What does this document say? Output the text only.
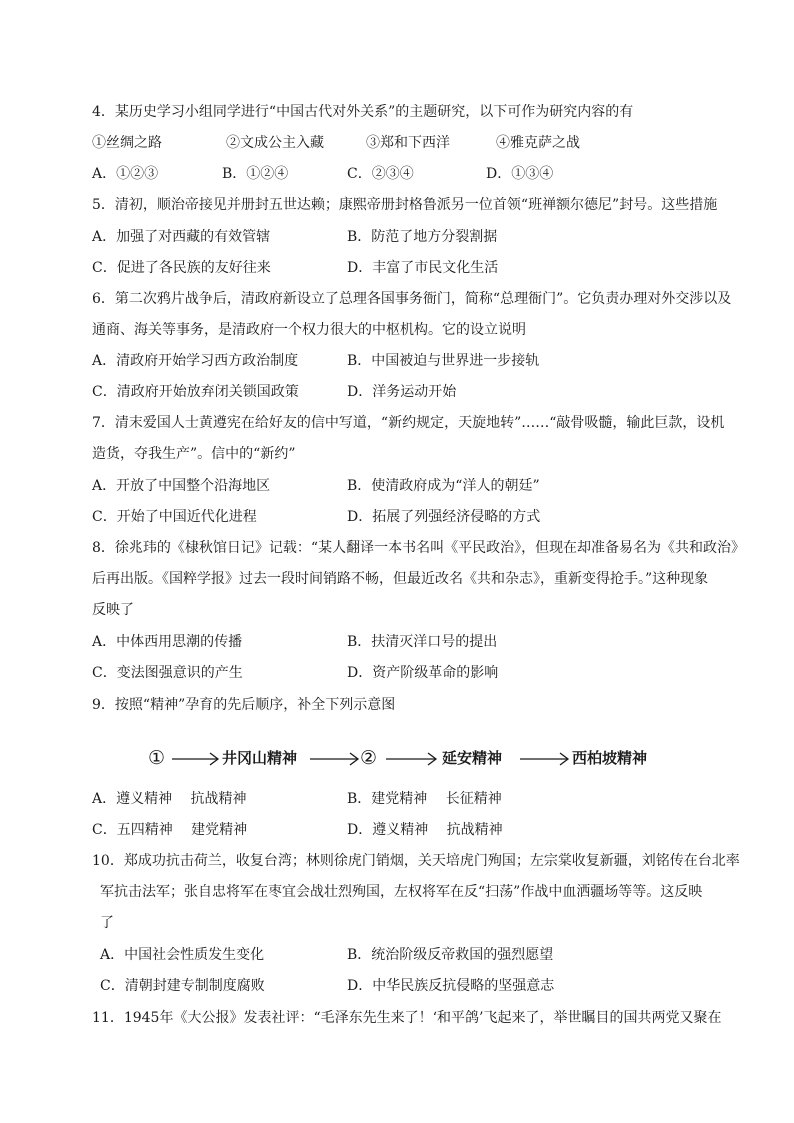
4．某历史学习小组同学进行“中国古代对外关系”的主题研究，以下可作为研究内容的有
①丝绸之路	②文成公主入藏	③郑和下西洋	④雅克萨之战
A．①②③	B．①②④	C．②③④	D．①③④
5．清初，顺治帝接见并册封五世达赖；康熙帝册封格鲁派另一位首领“班禅额尔德尼”封号。这些措施
A．加强了对西藏的有效管辖	B．防范了地方分裂割据
C．促进了各民族的友好往来	D．丰富了市民文化生活
6．第二次鸦片战争后，清政府新设立了总理各国事务衙门，简称“总理衙门”。它负责办理对外交涉以及
通商、海关等事务，是清政府一个权力很大的中枢机构。它的设立说明
A．清政府开始学习西方政治制度	B．中国被迫与世界进一步接轨
C．清政府开始放弃闭关锁国政策	D．洋务运动开始
7．清末爱国人士黄遵宪在给好友的信中写道，“新约规定，天旋地转”……“敲骨吸髓，输此巨款，设机
造货，夺我生产”。信中的“新约”
A．开放了中国整个沿海地区	B．使清政府成为“洋人的朝廷”
C．开始了中国近代化进程	D．拓展了列强经济侵略的方式
8．徐兆玮的《棣秋馆日记》记载：“某人翻译一本书名叫《平民政治》，但现在却准备易名为《共和政治》
后再出版。《国粹学报》过去一段时间销路不畅，但最近改名《共和杂志》，重新变得抢手。”这种现象
反映了
A．中体西用思潮的传播	B．扶清灭洋口号的提出
C．变法图强意识的产生	D．资产阶级革命的影响
9．按照“精神”孕育的先后顺序，补全下列示意图
①	井冈山精神	②	延安精神	西柏坡精神
A．遵义精神　 抗战精神	B．建党精神　 长征精神
C．五四精神　 建党精神	D．遵义精神　 抗战精神
10．郑成功抗击荷兰，收复台湾；林则徐虎门销烟，关天培虎门殉国；左宗棠收复新疆，刘铭传在台北率
军抗击法军；张自忠将军在枣宜会战壮烈殉国，左权将军在反“扫荡”作战中血洒疆场等等。这反映
了
A．中国社会性质发生变化	B．统治阶级反帝救国的强烈愿望
C．清朝封建专制制度腐败	D．中华民族反抗侵略的坚强意志
11．1945年《大公报》发表社评：“毛泽东先生来了！‘和平鸽’飞起来了，举世瞩目的国共两党又聚在
